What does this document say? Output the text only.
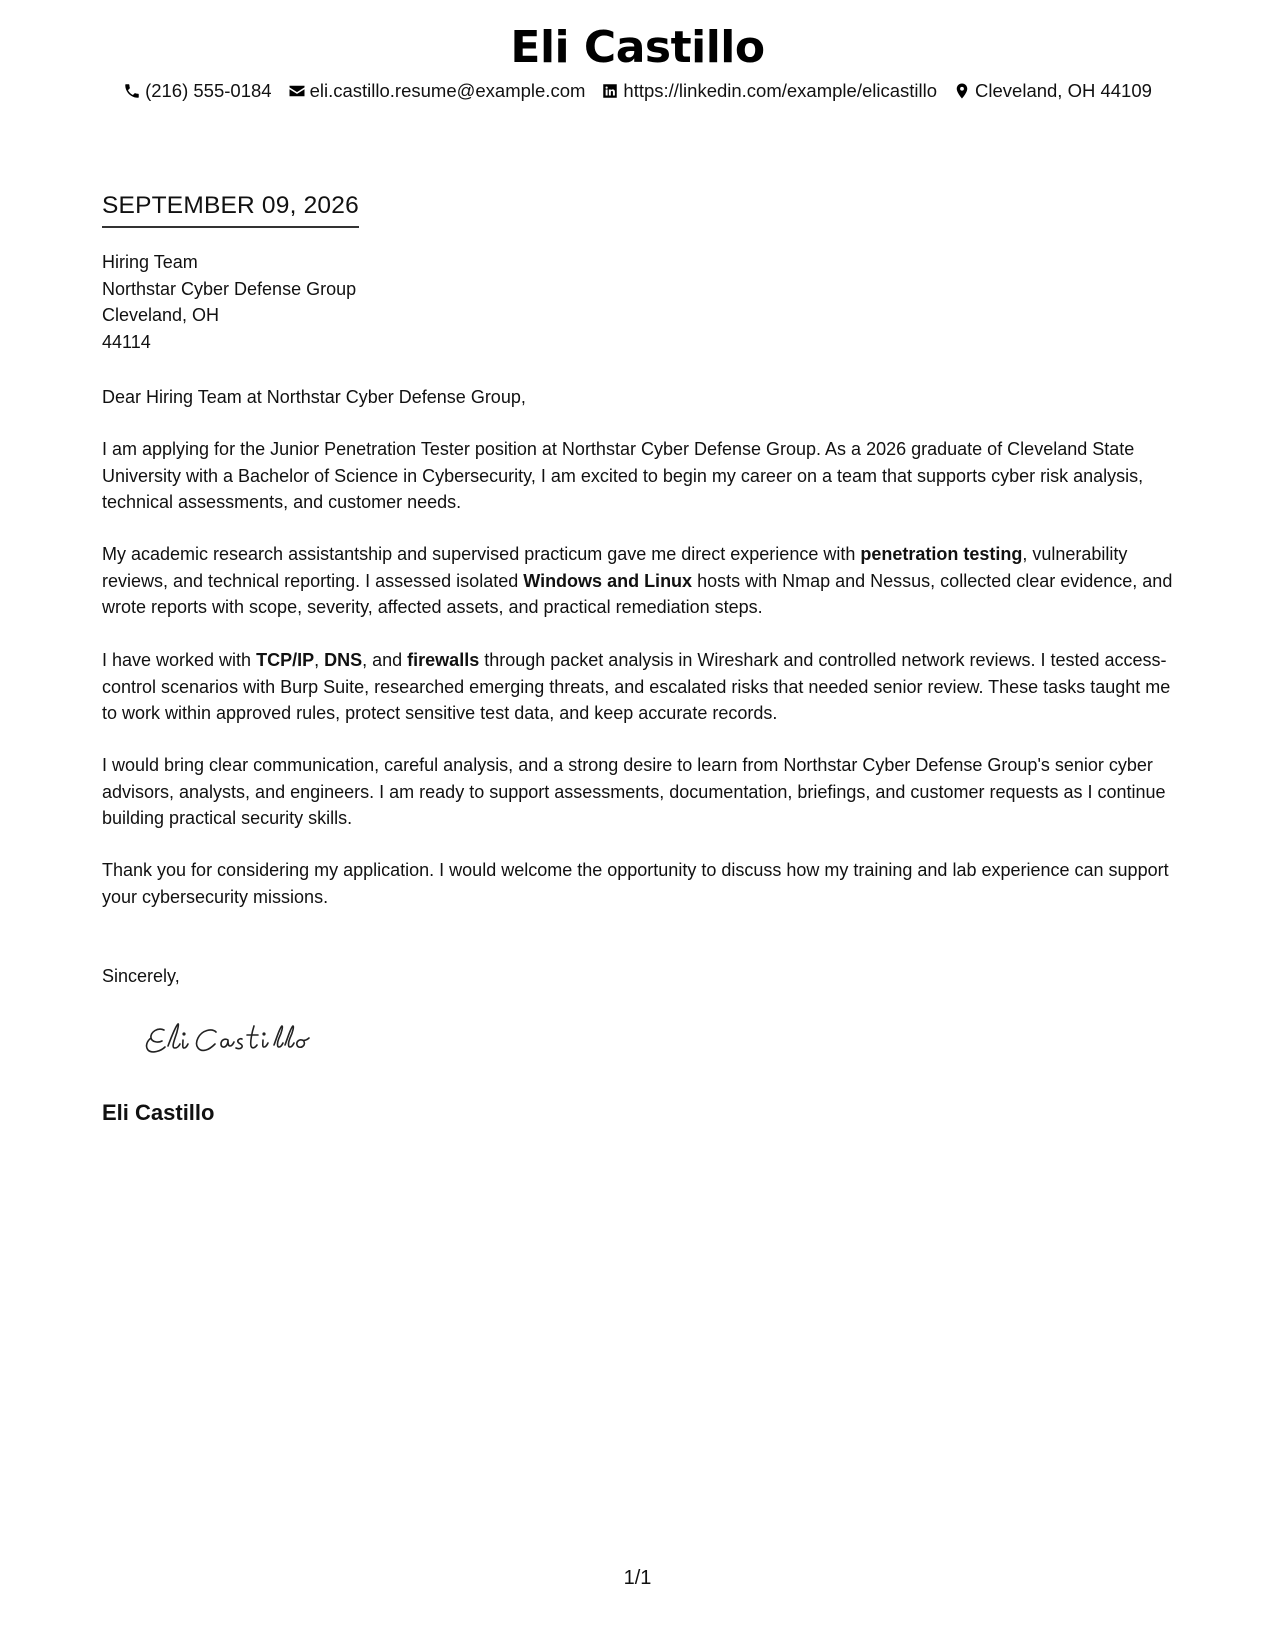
Eli Castillo
(216) 555-0184 eli.castillo.resume@example.com https://linkedin.com/example/elicastillo Cleveland, OH 44109
SEPTEMBER 09, 2026
Hiring Team
Northstar Cyber Defense Group
Cleveland, OH
44114
Dear Hiring Team at Northstar Cyber Defense Group,
I am applying for the Junior Penetration Tester position at Northstar Cyber Defense Group. As a 2026 graduate of Cleveland State University with a Bachelor of Science in Cybersecurity, I am excited to begin my career on a team that supports cyber risk analysis, technical assessments, and customer needs.
My academic research assistantship and supervised practicum gave me direct experience with penetration testing, vulnerability reviews, and technical reporting. I assessed isolated Windows and Linux hosts with Nmap and Nessus, collected clear evidence, and wrote reports with scope, severity, affected assets, and practical remediation steps.
I have worked with TCP/IP, DNS, and firewalls through packet analysis in Wireshark and controlled network reviews. I tested access-control scenarios with Burp Suite, researched emerging threats, and escalated risks that needed senior review. These tasks taught me to work within approved rules, protect sensitive test data, and keep accurate records.
I would bring clear communication, careful analysis, and a strong desire to learn from Northstar Cyber Defense Group's senior cyber advisors, analysts, and engineers. I am ready to support assessments, documentation, briefings, and customer requests as I continue building practical security skills.
Thank you for considering my application. I would welcome the opportunity to discuss how my training and lab experience can support your cybersecurity missions.
Sincerely,
Eli Castillo
1/1
